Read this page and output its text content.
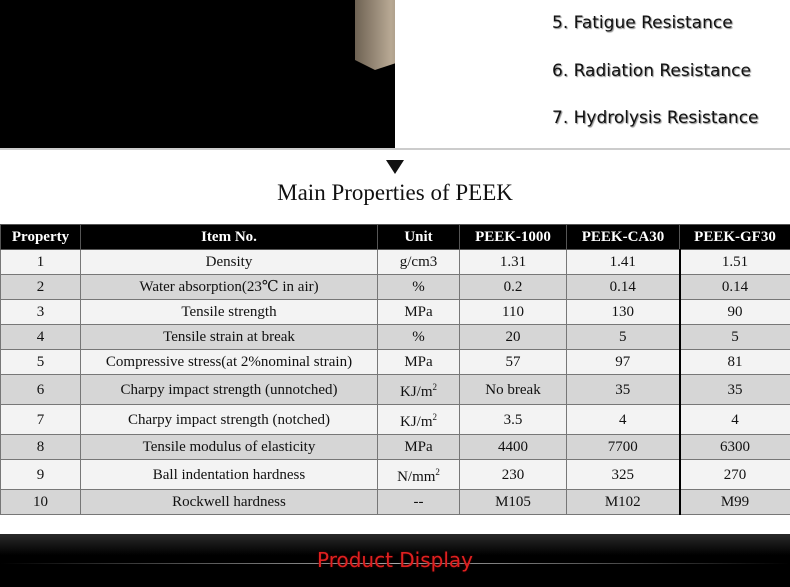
5. Fatigue Resistance
6. Radiation Resistance
7. Hydrolysis Resistance
Main Properties of PEEK
Property	Item No.	Unit	PEEK-1000	PEEK-CA30	PEEK-GF30
1	Density	g/cm3	1.31	1.41	1.51
2	Water absorption(23℃ in air)	%	0.2	0.14	0.14
3	Tensile strength	MPa	110	130	90
4	Tensile strain at break	%	20	5	5
5	Compressive stress(at 2%nominal strain)	MPa	57	97	81
6	Charpy impact strength (unnotched)	$KJ/m^2$	No break	35	35
7	Charpy impact strength (notched)	$KJ/m^2$	3.5	4	4
8	Tensile modulus of elasticity	MPa	4400	7700	6300
9	Ball indentation hardness	$N/mm^2$	230	325	270
10	Rockwell hardness	--	M105	M102	M99
Product Display
